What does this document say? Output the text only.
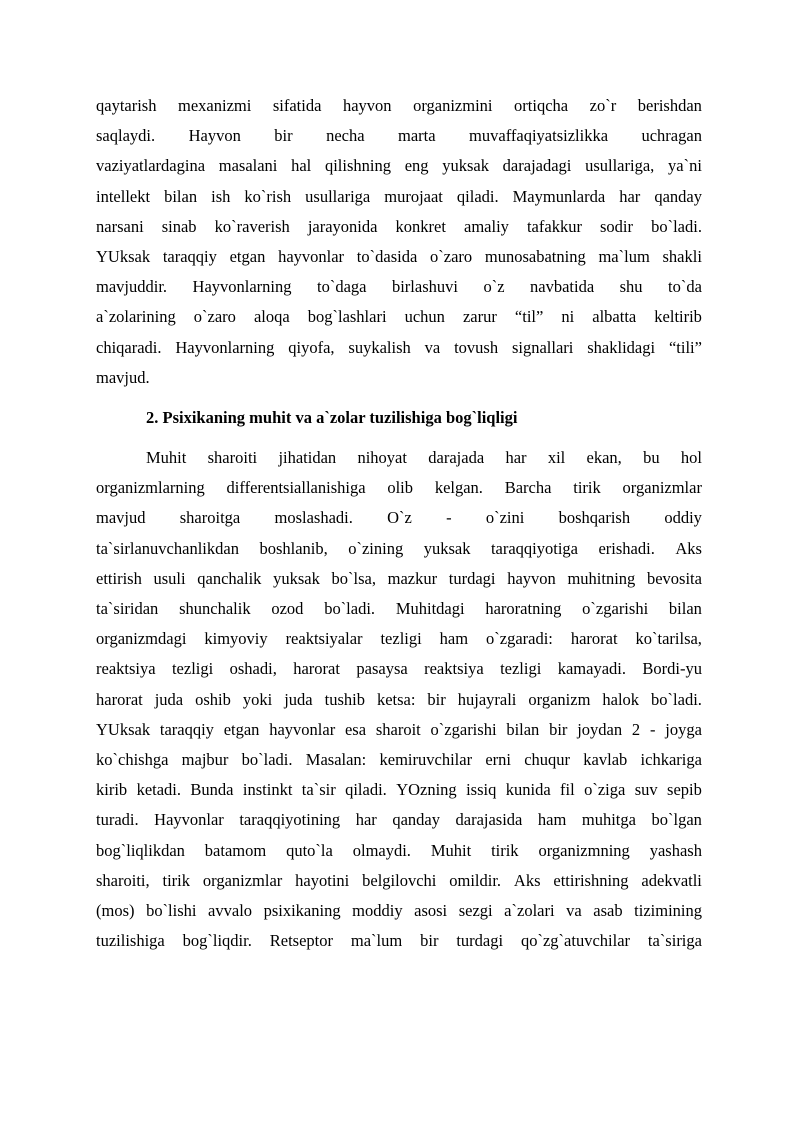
qaytarish mexanizmi sifatida hayvon organizmini ortiqcha zo`r berishdan
saqlaydi. Hayvon bir necha marta muvaffaqiyatsizlikka uchragan
vaziyatlardagina masalani hal qilishning eng yuksak darajadagi usullariga, ya`ni
intellekt bilan ish ko`rish usullariga murojaat qiladi. Maymunlarda har qanday
narsani sinab ko`raverish jarayonida konkret amaliy tafakkur sodir bo`ladi.
YUksak taraqqiy etgan hayvonlar to`dasida o`zaro munosabatning ma`lum shakli
mavjuddir. Hayvonlarning to`daga birlashuvi o`z navbatida shu to`da
a`zolarining o`zaro aloqa bog`lashlari uchun zarur “til” ni albatta keltirib
chiqaradi. Hayvonlarning qiyofa, suykalish va tovush signallari shaklidagi “tili”
mavjud.
2. Psixikaning muhit va a`zolar tuzilishiga bog`liqligi
Muhit sharoiti jihatidan nihoyat darajada har xil ekan, bu hol
organizmlarning differentsiallanishiga olib kelgan. Barcha tirik organizmlar
mavjud sharoitga moslashadi. O`z - o`zini boshqarish oddiy
ta`sirlanuvchanlikdan boshlanib, o`zining yuksak taraqqiyotiga erishadi. Aks
ettirish usuli qanchalik yuksak bo`lsa, mazkur turdagi hayvon muhitning bevosita
ta`siridan shunchalik ozod bo`ladi. Muhitdagi haroratning o`zgarishi bilan
organizmdagi kimyoviy reaktsiyalar tezligi ham o`zgaradi: harorat ko`tarilsa,
reaktsiya tezligi oshadi, harorat pasaysa reaktsiya tezligi kamayadi. Bordi-yu
harorat juda oshib yoki juda tushib ketsa: bir hujayrali organizm halok bo`ladi.
YUksak taraqqiy etgan hayvonlar esa sharoit o`zgarishi bilan bir joydan 2 - joyga
ko`chishga majbur bo`ladi. Masalan: kemiruvchilar erni chuqur kavlab ichkariga
kirib ketadi. Bunda instinkt ta`sir qiladi. YOzning issiq kunida fil o`ziga suv sepib
turadi. Hayvonlar taraqqiyotining har qanday darajasida ham muhitga bo`lgan
bog`liqlikdan batamom quto`la olmaydi. Muhit tirik organizmning yashash
sharoiti, tirik organizmlar hayotini belgilovchi omildir. Aks ettirishning adekvatli
(mos) bo`lishi avvalo psixikaning moddiy asosi sezgi a`zolari va asab tizimining
tuzilishiga bog`liqdir. Retseptor ma`lum bir turdagi qo`zg`atuvchilar ta`siriga
